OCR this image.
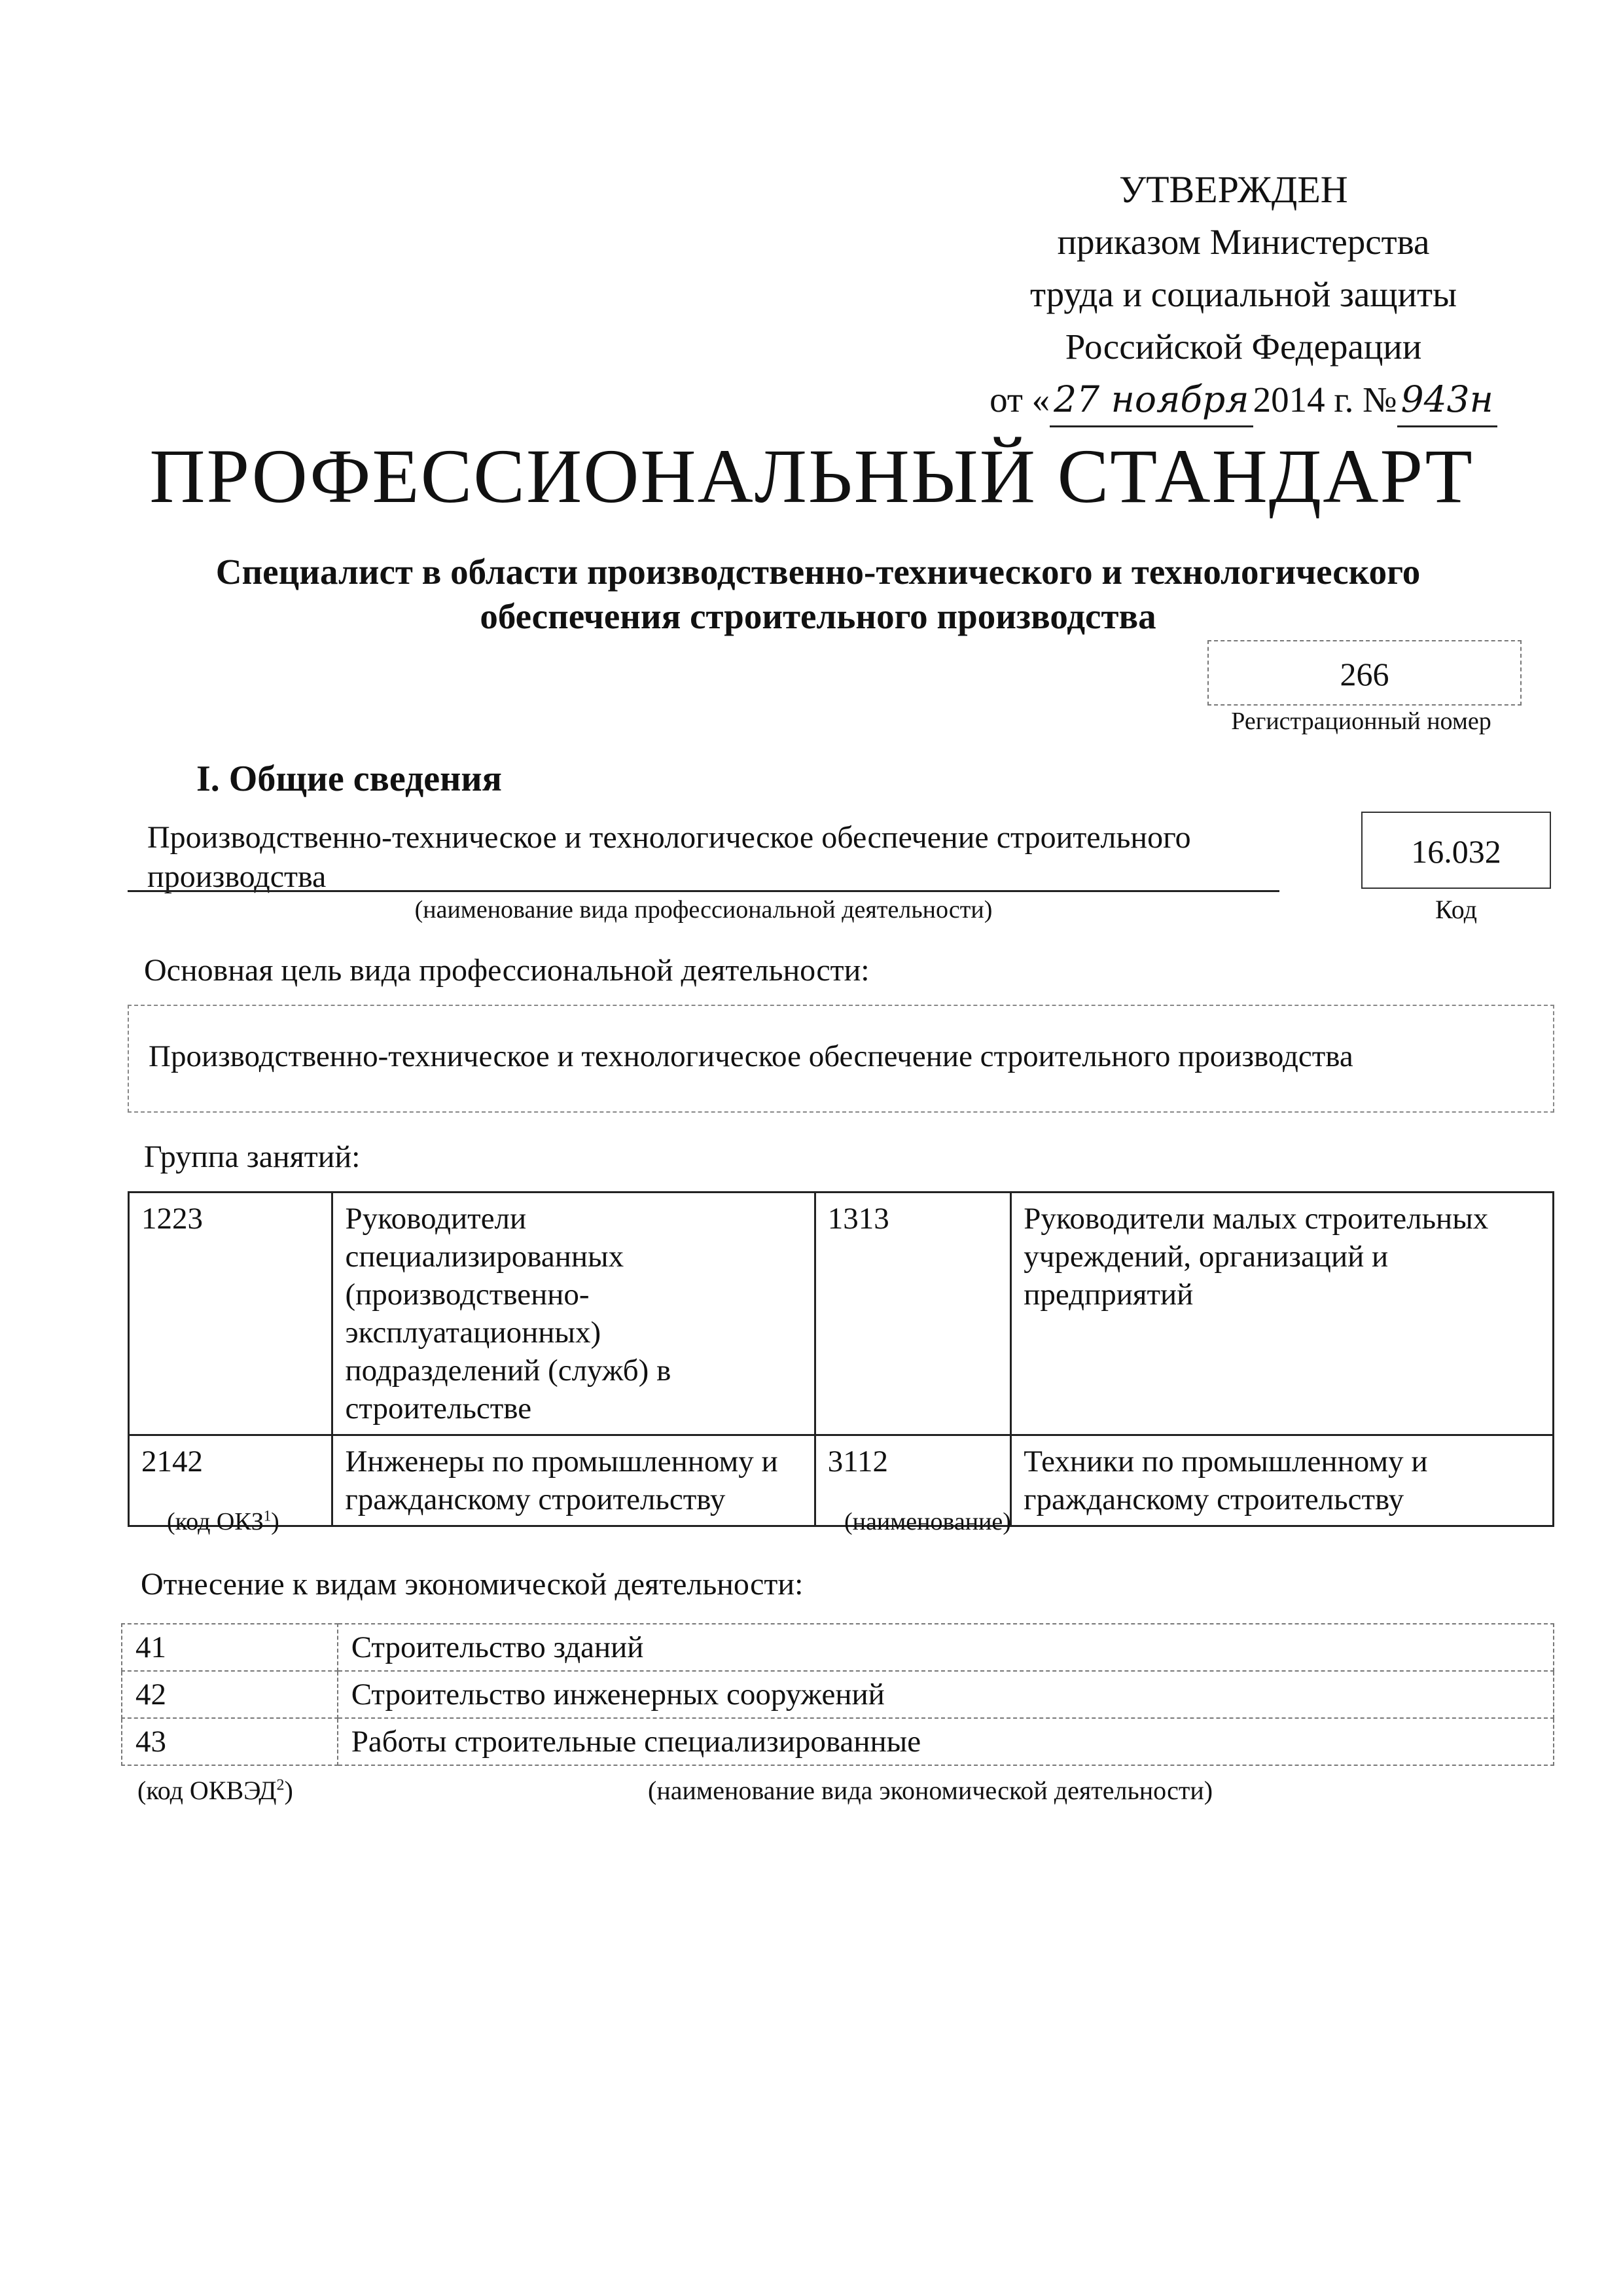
УТВЕРЖДЕН
приказом Министерства
труда и социальной защиты
Российской Федерации
от « 27 ноября 2014 г. № 943н
ПРОФЕССИОНАЛЬНЫЙ СТАНДАРТ
Специалист в области производственно-технического и технологического
обеспечения строительного производства
266
Регистрационный номер
I. Общие сведения
Производственно-техническое и технологическое обеспечение строительного производства
(наименование вида профессиональной деятельности)
16.032
Код
Основная цель вида профессиональной деятельности:
Производственно-техническое и технологическое обеспечение строительного производства
Группа занятий:
1223	Руководители специализированных (производственно-эксплуатационных) подразделений (служб) в строительстве	1313	Руководители малых строительных учреждений, организаций и предприятий
2142	Инженеры по промышленному и гражданскому строительству	3112	Техники по промышленному и гражданскому строительству
(код ОКЗ$^1$)	(наименование)
Отнесение к видам экономической деятельности:
41	Строительство зданий
42	Строительство инженерных сооружений
43	Работы строительные специализированные
(код ОКВЭД$^2$)	(наименование вида экономической деятельности)
